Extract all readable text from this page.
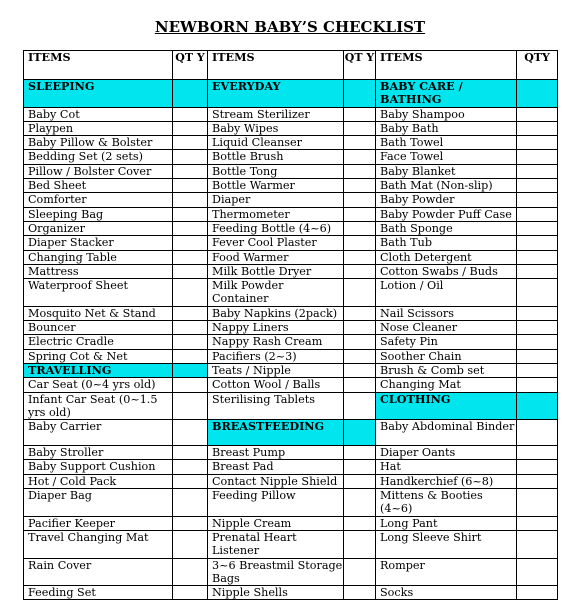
NEWBORN BABY’S CHECKLIST
ITEMS	QT Y	ITEMS	QT Y	ITEMS	QTY
SLEEPING		EVERYDAY		BABY CARE / BATHING	
Baby Cot		Stream Sterilizer		Baby Shampoo	
Playpen		Baby Wipes		Baby Bath	
Baby Pillow & Bolster		Liquid Cleanser		Bath Towel	
Bedding Set (2 sets)		Bottle Brush		Face Towel	
Pillow / Bolster Cover		Bottle Tong		Baby Blanket	
Bed Sheet		Bottle Warmer		Bath Mat (Non-slip)	
Comforter		Diaper		Baby Powder	
Sleeping Bag		Thermometer		Baby Powder Puff Case	
Organizer		Feeding Bottle (4~6)		Bath Sponge	
Diaper Stacker		Fever Cool Plaster		Bath Tub	
Changing Table		Food Warmer		Cloth Detergent	
Mattress		Milk Bottle Dryer		Cotton Swabs / Buds	
Waterproof Sheet		Milk Powder Container		Lotion / Oil	
Mosquito Net & Stand		Baby Napkins (2pack)		Nail Scissors	
Bouncer		Nappy Liners		Nose Cleaner	
Electric Cradle		Nappy Rash Cream		Safety Pin	
Spring Cot & Net		Pacifiers (2~3)		Soother Chain	
TRAVELLING		Teats / Nipple		Brush & Comb set	
Car Seat (0~4 yrs old)		Cotton Wool / Balls		Changing Mat	
Infant Car Seat (0~1.5 yrs old)		Sterilising Tablets		CLOTHING	
Baby Carrier		BREASTFEEDING		Baby Abdominal Binder	
Baby Stroller		Breast Pump		Diaper Oants	
Baby Support Cushion		Breast Pad		Hat	
Hot / Cold Pack		Contact Nipple Shield		Handkerchief (6~8)	
Diaper Bag		Feeding Pillow		Mittens & Booties (4~6)	
Pacifier Keeper		Nipple Cream		Long Pant	
Travel Changing Mat		Prenatal Heart Listener		Long Sleeve Shirt	
Rain Cover		3~6 Breastmil Storage Bags		Romper	
Feeding Set		Nipple Shells		Socks	
